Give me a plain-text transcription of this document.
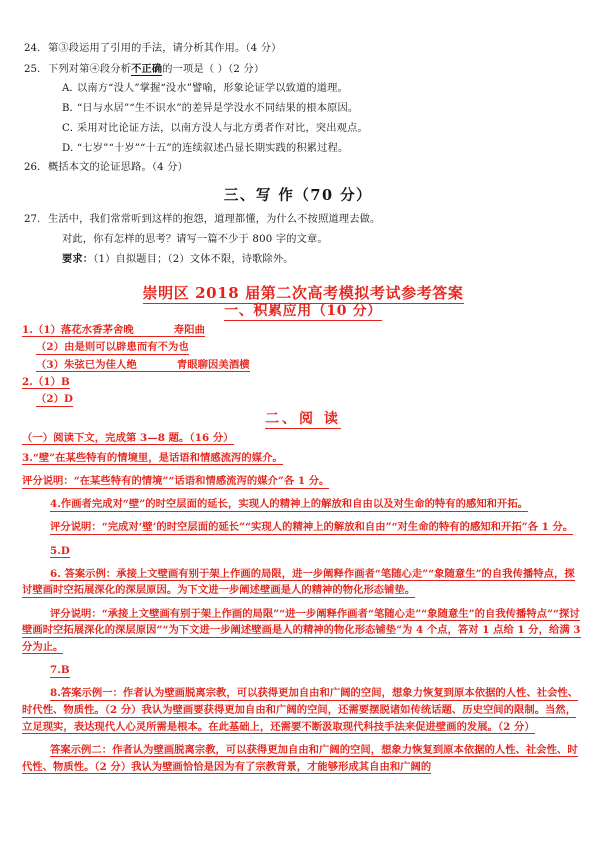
24. 第③段运用了引用的手法，请分析其作用。（4 分）
25. 下列对第④段分析不正确的一项是（ ）（2 分）
A．
以南方“没人”掌握“没水”譬喻，形象论证学以致道的道理。
B．
“日与水居”“生不识水”的差异是学没水不同结果的根本原因。
C．
采用对比论证方法，以南方没人与北方勇者作对比，突出观点。
D．
“七岁”“十岁”“十五”的连续叙述凸显长期实践的积累过程。
26. 概括本文的论证思路。（4 分）
三、写 作（70 分）
27. 生活中，我们常常听到这样的抱怨，道理都懂，为什么不按照道理去做。
对此，你有怎样的思考？请写一篇不少于 800 字的文章。
要求：（1）自拟题目；（2）文体不限，诗歌除外。
崇明区 2018 届第二次高考模拟考试参考答案
一、积累应用（10 分）
1.（1）落花水香茅舍晚	寿阳曲
（2）由是则可以辟患而有不为也
（3）朱弦已为佳人绝	青眼聊因美酒横
2.（1）B
（2）D
二、阅 读
（一）阅读下文，完成第 3—8 题。（16 分）
3.“壁”在某些特有的情境里，是话语和情感流泻的媒介。
评分说明：“在某些特有的情境”“话语和情感流泻的媒介”各 1 分。
4.作画者完成对“壁”的时空层面的延长，实现人的精神上的解放和自由以及对生命的特有的感知和开拓。
评分说明：“完成对‘壁’的时空层面的延长”“实现人的精神上的解放和自由”“对生命的特有的感知和开拓”各 1 分。
5.D
6. 答案示例：承接上文壁画有别于架上作画的局限，进一步阐释作画者“笔随心走”“象随意生”的自我传播特点，探讨壁画时空拓展深化的深层原因。为下文进一步阐述壁画是人的精神的物化形态铺垫。
评分说明：“承接上文壁画有别于架上作画的局限”“进一步阐释作画者“笔随心走”“象随意生”的自我传播特点”“探讨壁画时空拓展深化的深层原因”“为下文进一步阐述壁画是人的精神的物化形态铺垫”为 4 个点，答对 1 点给 1 分，给满 3 分为止。
7.B
8.答案示例一：作者认为壁画脱离宗教，可以获得更加自由和广阔的空间，想象力恢复到原本依据的人性、社会性、时代性、物质性。（2 分）我认为壁画要获得更加自由和广阔的空间，还需要摆脱诸如传统话题、历史空间的限制。当然，立足现实，表达现代人心灵所需是根本。在此基础上，还需要不断汲取现代科技手法来促进壁画的发展。（2 分）
答案示例二：作者认为壁画脱离宗教，可以获得更加自由和广阔的空间，想象力恢复到原本依据的人性、社会性、时代性、物质性。（2 分）我认为壁画恰恰是因为有了宗教背景，才能够形成其自由和广阔的
